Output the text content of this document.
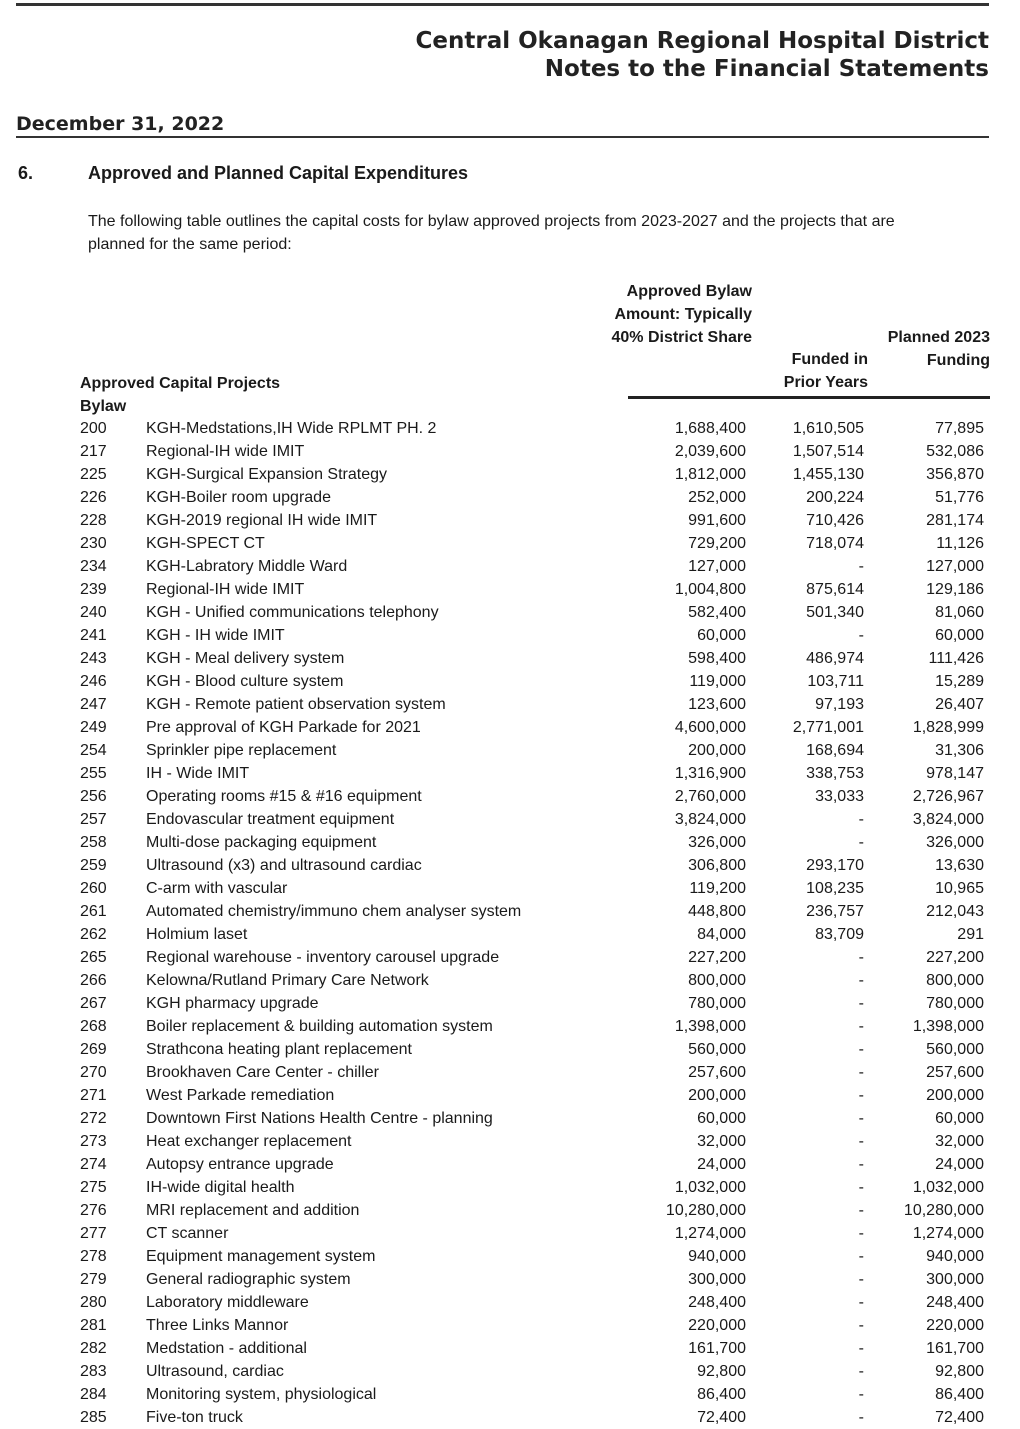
Central Okanagan Regional Hospital District
Notes to the Financial Statements
December 31, 2022
6.	Approved and Planned Capital Expenditures
The following table outlines the capital costs for bylaw approved projects from 2023-2027 and the projects that are planned for the same period:
Approved Bylaw Amount: Typically 40% District Share
Funded in Prior Years
Planned 2023 Funding
Approved Capital Projects
Bylaw
200 KGH-Medstations,IH Wide RPLMT PH. 2	1,688,400	1,610,505	77,895
217 Regional-IH wide IMIT	2,039,600	1,507,514	532,086
225 KGH-Surgical Expansion Strategy	1,812,000	1,455,130	356,870
226 KGH-Boiler room upgrade	252,000	200,224	51,776
228 KGH-2019 regional IH wide IMIT	991,600	710,426	281,174
230 KGH-SPECT CT	729,200	718,074	11,126
234 KGH-Labratory Middle Ward	127,000	-	127,000
239 Regional-IH wide IMIT	1,004,800	875,614	129,186
240 KGH - Unified communications telephony	582,400	501,340	81,060
241 KGH - IH wide IMIT	60,000	-	60,000
243 KGH - Meal delivery system	598,400	486,974	111,426
246 KGH - Blood culture system	119,000	103,711	15,289
247 KGH - Remote patient observation system	123,600	97,193	26,407
249 Pre approval of KGH Parkade for 2021	4,600,000	2,771,001	1,828,999
254 Sprinkler pipe replacement	200,000	168,694	31,306
255 IH - Wide IMIT	1,316,900	338,753	978,147
256 Operating rooms #15 & #16 equipment	2,760,000	33,033	2,726,967
257 Endovascular treatment equipment	3,824,000	-	3,824,000
258 Multi-dose packaging equipment	326,000	-	326,000
259 Ultrasound (x3) and ultrasound cardiac	306,800	293,170	13,630
260 C-arm with vascular	119,200	108,235	10,965
261 Automated chemistry/immuno chem analyser system	448,800	236,757	212,043
262 Holmium laset	84,000	83,709	291
265 Regional warehouse - inventory carousel upgrade	227,200	-	227,200
266 Kelowna/Rutland Primary Care Network	800,000	-	800,000
267 KGH pharmacy upgrade	780,000	-	780,000
268 Boiler replacement & building automation system	1,398,000	-	1,398,000
269 Strathcona heating plant replacement	560,000	-	560,000
270 Brookhaven Care Center - chiller	257,600	-	257,600
271 West Parkade remediation	200,000	-	200,000
272 Downtown First Nations Health Centre - planning	60,000	-	60,000
273 Heat exchanger replacement	32,000	-	32,000
274 Autopsy entrance upgrade	24,000	-	24,000
275 IH-wide digital health	1,032,000	-	1,032,000
276 MRI replacement and addition	10,280,000	- 10,280,000
277 CT scanner	1,274,000	-	1,274,000
278 Equipment management system	940,000	-	940,000
279 General radiographic system	300,000	-	300,000
280 Laboratory middleware	248,400	-	248,400
281 Three Links Mannor	220,000	-	220,000
282 Medstation - additional	161,700	-	161,700
283 Ultrasound, cardiac	92,800	-	92,800
284 Monitoring system, physiological	86,400	-	86,400
285 Five-ton truck	72,400	-	72,400
